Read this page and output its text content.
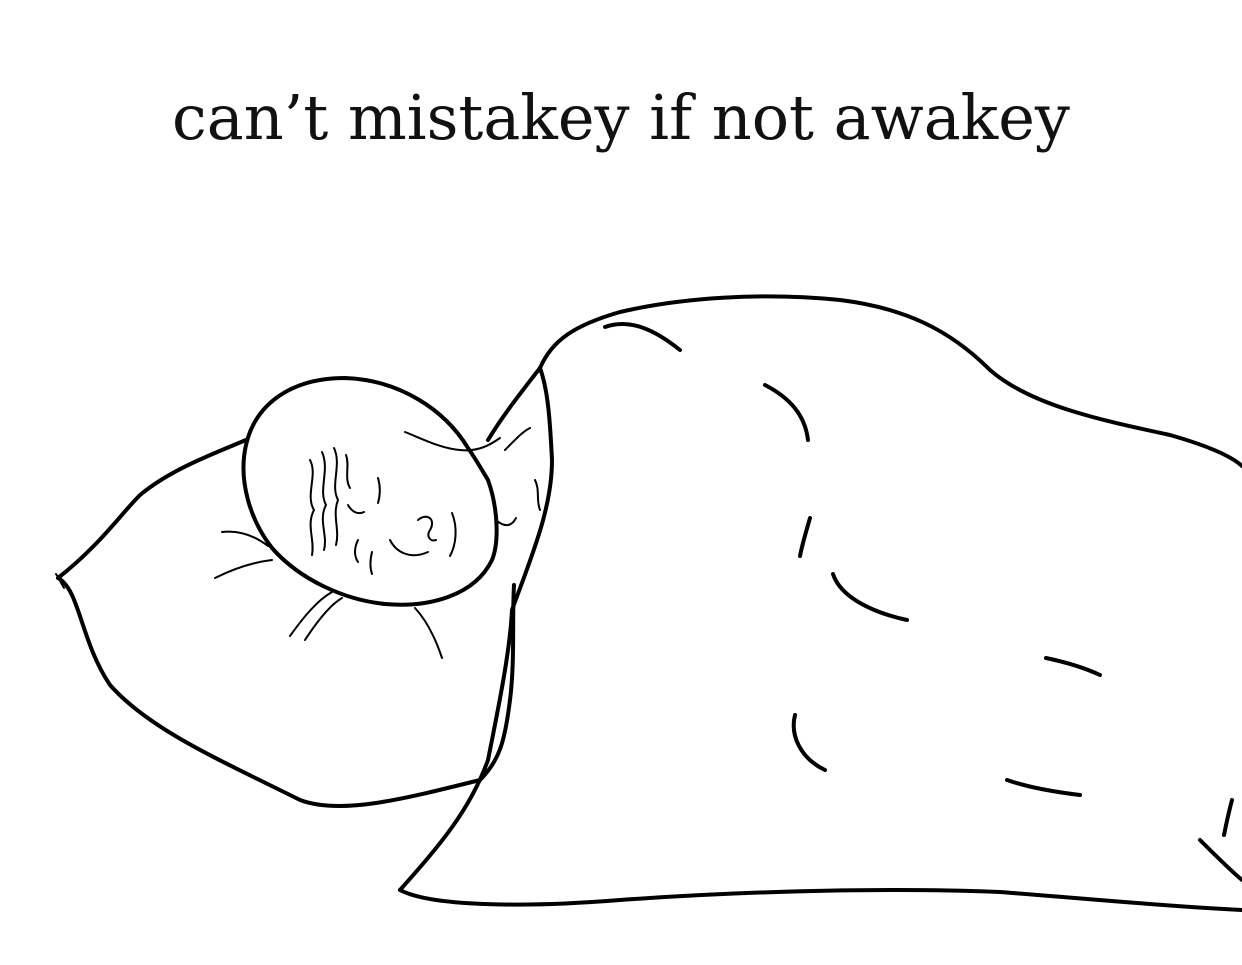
can’t mistakey if not awakey
